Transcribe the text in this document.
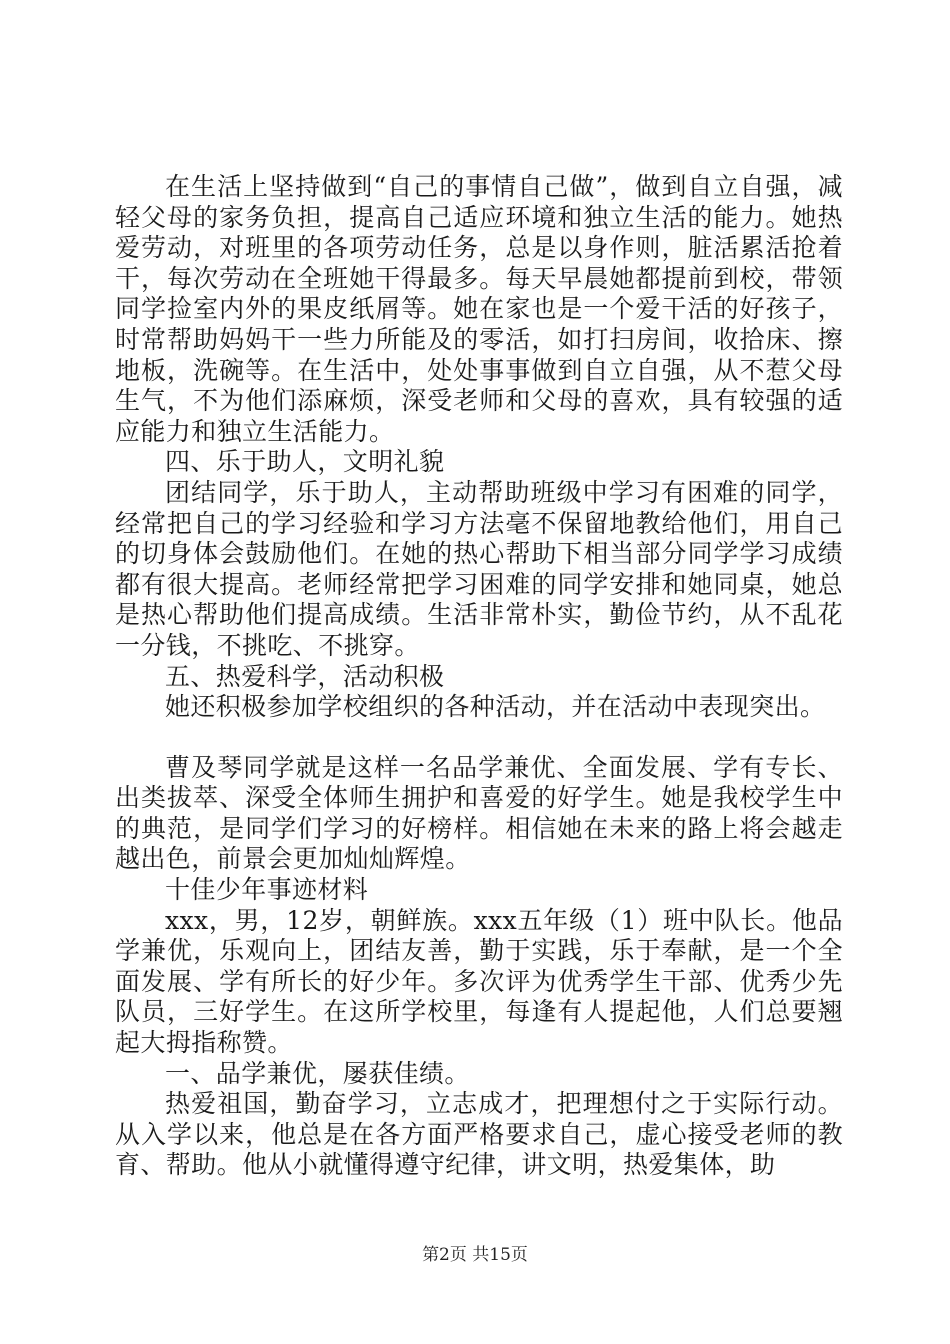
在生活上坚持做到“自己的事情自己做”，做到自立自强，减轻父母的家务负担，提高自己适应环境和独立生活的能力。她热爱劳动，对班里的各项劳动任务，总是以身作则，脏活累活抢着干，每次劳动在全班她干得最多。每天早晨她都提前到校，带领同学捡室内外的果皮纸屑等。她在家也是一个爱干活的好孩子，时常帮助妈妈干一些力所能及的零活，如打扫房间，收拾床、擦地板，洗碗等。在生活中，处处事事做到自立自强，从不惹父母生气，不为他们添麻烦，深受老师和父母的喜欢，具有较强的适应能力和独立生活能力。

四、乐于助人，文明礼貌

团结同学，乐于助人，主动帮助班级中学习有困难的同学，经常把自己的学习经验和学习方法毫不保留地教给他们，用自己的切身体会鼓励他们。在她的热心帮助下相当部分同学学习成绩都有很大提高。老师经常把学习困难的同学安排和她同桌，她总是热心帮助他们提高成绩。生活非常朴实，勤俭节约，从不乱花一分钱，不挑吃、不挑穿。

五、热爱科学，活动积极

她还积极参加学校组织的各种活动，并在活动中表现突出。

曹及琴同学就是这样一名品学兼优、全面发展、学有专长、出类拔萃、深受全体师生拥护和喜爱的好学生。她是我校学生中的典范，是同学们学习的好榜样。相信她在未来的路上将会越走越出色，前景会更加灿灿辉煌。

十佳少年事迹材料

xxx，男，12岁，朝鲜族。xxx五年级（1）班中队长。他品学兼优，乐观向上，团结友善，勤于实践，乐于奉献，是一个全面发展、学有所长的好少年。多次评为优秀学生干部、优秀少先队员，三好学生。在这所学校里，每逢有人提起他，人们总要翘起大拇指称赞。

一、品学兼优，屡获佳绩。

热爱祖国，勤奋学习，立志成才，把理想付之于实际行动。从入学以来，他总是在各方面严格要求自己，虚心接受老师的教育、帮助。他从小就懂得遵守纪律，讲文明，热爱集体，助

第2页 共15页
